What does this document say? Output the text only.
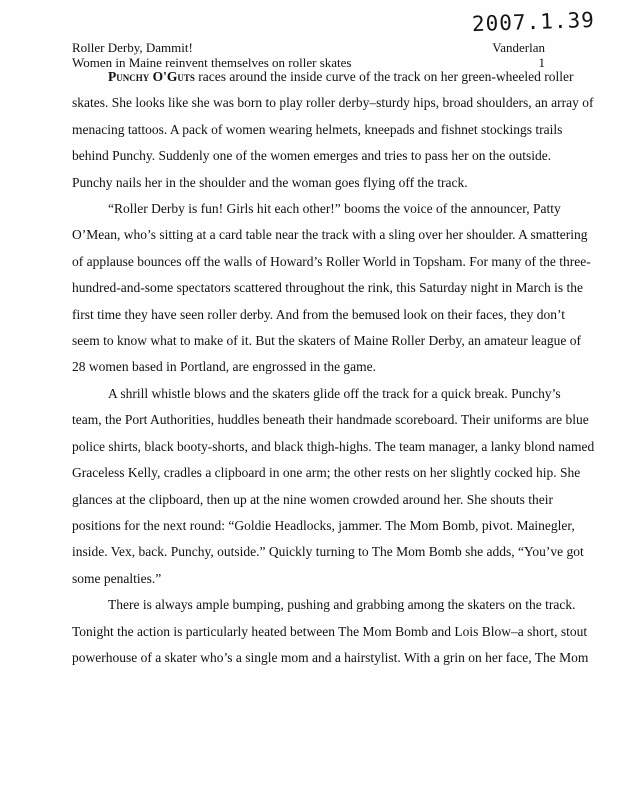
2007.1.39
Roller Derby, Dammit!
Women in Maine reinvent themselves on roller skates
Vanderlan
1
Punchy O'Guts races around the inside curve of the track on her green-wheeled roller
skates. She looks like she was born to play roller derby–sturdy hips, broad shoulders, an array of
menacing tattoos. A pack of women wearing helmets, kneepads and fishnet stockings trails
behind Punchy. Suddenly one of the women emerges and tries to pass her on the outside.
Punchy nails her in the shoulder and the woman goes flying off the track.
“Roller Derby is fun! Girls hit each other!” booms the voice of the announcer, Patty
O’Mean, who’s sitting at a card table near the track with a sling over her shoulder. A smattering
of applause bounces off the walls of Howard’s Roller World in Topsham. For many of the three-
hundred-and-some spectators scattered throughout the rink, this Saturday night in March is the
first time they have seen roller derby. And from the bemused look on their faces, they don’t
seem to know what to make of it. But the skaters of Maine Roller Derby, an amateur league of
28 women based in Portland, are engrossed in the game.
A shrill whistle blows and the skaters glide off the track for a quick break. Punchy’s
team, the Port Authorities, huddles beneath their handmade scoreboard. Their uniforms are blue
police shirts, black booty-shorts, and black thigh-highs. The team manager, a lanky blond named
Graceless Kelly, cradles a clipboard in one arm; the other rests on her slightly cocked hip. She
glances at the clipboard, then up at the nine women crowded around her. She shouts their
positions for the next round: “Goldie Headlocks, jammer. The Mom Bomb, pivot. Mainegler,
inside. Vex, back. Punchy, outside.” Quickly turning to The Mom Bomb she adds, “You’ve got
some penalties.”
There is always ample bumping, pushing and grabbing among the skaters on the track.
Tonight the action is particularly heated between The Mom Bomb and Lois Blow–a short, stout
powerhouse of a skater who’s a single mom and a hairstylist. With a grin on her face, The Mom
